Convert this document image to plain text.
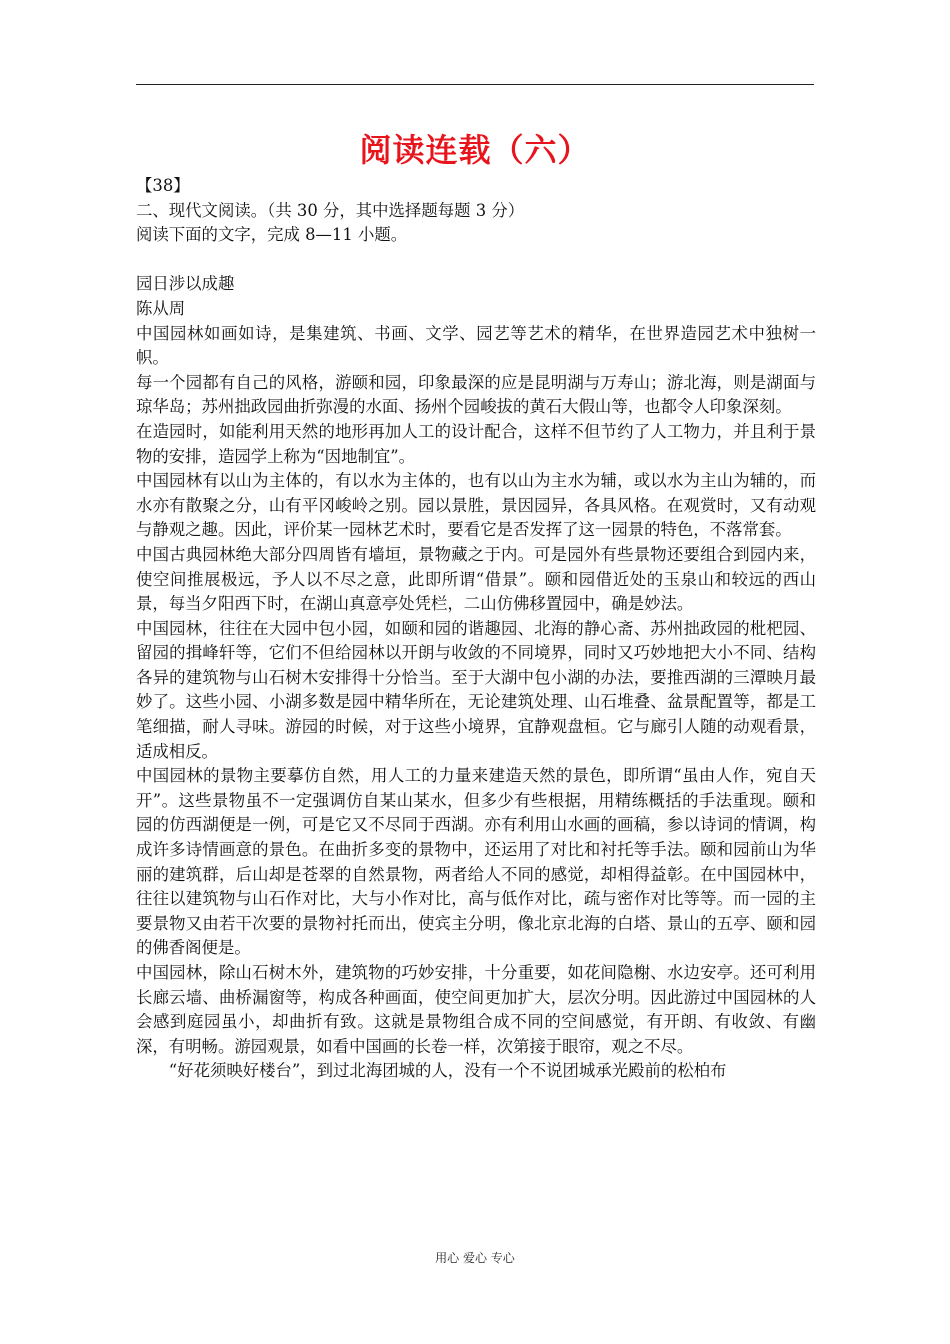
阅读连载（六）

【38】

二、现代文阅读。（共 30 分，其中选择题每题 3 分）

阅读下面的文字，完成 8—11 小题。

园日涉以成趣

陈从周

中国园林如画如诗，是集建筑、书画、文学、园艺等艺术的精华，在世界造园艺术中独树一帜。

每一个园都有自己的风格，游颐和园，印象最深的应是昆明湖与万寿山；游北海，则是湖面与琼华岛；苏州拙政园曲折弥漫的水面、扬州个园峻拔的黄石大假山等，也都令人印象深刻。

在造园时，如能利用天然的地形再加人工的设计配合，这样不但节约了人工物力，并且利于景物的安排，造园学上称为“因地制宜”。

中国园林有以山为主体的，有以水为主体的，也有以山为主水为辅，或以水为主山为辅的，而水亦有散聚之分，山有平冈峻岭之别。园以景胜，景因园异，各具风格。在观赏时，又有动观与静观之趣。因此，评价某一园林艺术时，要看它是否发挥了这一园景的特色，不落常套。

中国古典园林绝大部分四周皆有墙垣，景物藏之于内。可是园外有些景物还要组合到园内来，使空间推展极远，予人以不尽之意，此即所谓“借景”。颐和园借近处的玉泉山和较远的西山景，每当夕阳西下时，在湖山真意亭处凭栏，二山仿佛移置园中，确是妙法。

中国园林，往往在大园中包小园，如颐和园的谐趣园、北海的静心斋、苏州拙政园的枇杷园、留园的揖峰轩等，它们不但给园林以开朗与收敛的不同境界，同时又巧妙地把大小不同、结构各异的建筑物与山石树木安排得十分恰当。至于大湖中包小湖的办法，要推西湖的三潭映月最妙了。这些小园、小湖多数是园中精华所在，无论建筑处理、山石堆叠、盆景配置等，都是工笔细描，耐人寻味。游园的时候，对于这些小境界，宜静观盘桓。它与廊引人随的动观看景，适成相反。

中国园林的景物主要摹仿自然，用人工的力量来建造天然的景色，即所谓“虽由人作，宛自天开”。这些景物虽不一定强调仿自某山某水，但多少有些根据，用精练概括的手法重现。颐和园的仿西湖便是一例，可是它又不尽同于西湖。亦有利用山水画的画稿，参以诗词的情调，构成许多诗情画意的景色。在曲折多变的景物中，还运用了对比和衬托等手法。颐和园前山为华丽的建筑群，后山却是苍翠的自然景物，两者给人不同的感觉，却相得益彰。在中国园林中，往往以建筑物与山石作对比，大与小作对比，高与低作对比，疏与密作对比等等。而一园的主要景物又由若干次要的景物衬托而出，使宾主分明，像北京北海的白塔、景山的五亭、颐和园的佛香阁便是。

中国园林，除山石树木外，建筑物的巧妙安排，十分重要，如花间隐榭、水边安亭。还可利用长廊云墙、曲桥漏窗等，构成各种画面，使空间更加扩大，层次分明。因此游过中国园林的人会感到庭园虽小，却曲折有致。这就是景物组合成不同的空间感觉，有开朗、有收敛、有幽深，有明畅。游园观景，如看中国画的长卷一样，次第接于眼帘，观之不尽。

“好花须映好楼台”，到过北海团城的人，没有一个不说团城承光殿前的松柏布

用心 爱心 专心
